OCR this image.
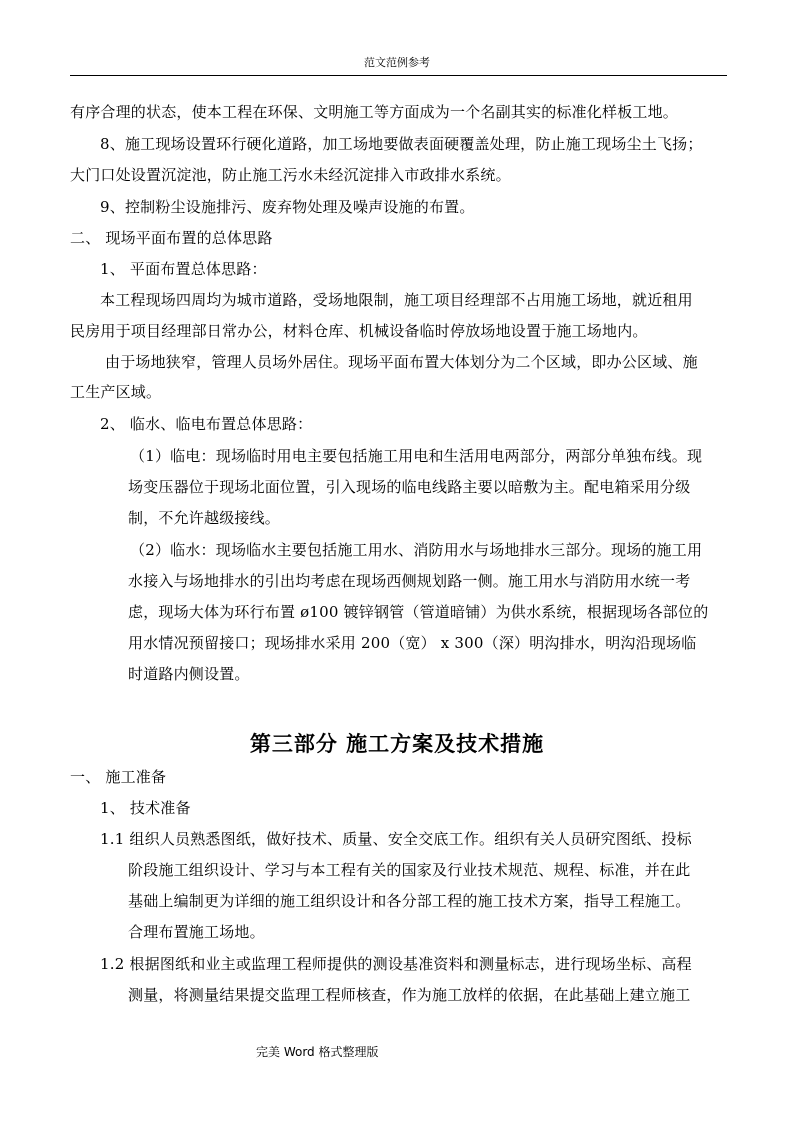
范文范例参考
有序合理的状态，使本工程在环保、文明施工等方面成为一个名副其实的标准化样板工地。
8、施工现场设置环行硬化道路，加工场地要做表面硬覆盖处理，防止施工现场尘土飞扬；
大门口处设置沉淀池，防止施工污水未经沉淀排入市政排水系统。
9、控制粉尘设施排污、废弃物处理及噪声设施的布置。
二、 现场平面布置的总体思路
1、 平面布置总体思路：
本工程现场四周均为城市道路，受场地限制，施工项目经理部不占用施工场地，就近租用
民房用于项目经理部日常办公，材料仓库、机械设备临时停放场地设置于施工场地内。
由于场地狭窄，管理人员场外居住。现场平面布置大体划分为二个区域，即办公区域、施
工生产区域。
2、 临水、临电布置总体思路：
（1）临电：现场临时用电主要包括施工用电和生活用电两部分，两部分单独布线。现
场变压器位于现场北面位置，引入现场的临电线路主要以暗敷为主。配电箱采用分级
制，不允许越级接线。
（2）临水：现场临水主要包括施工用水、消防用水与场地排水三部分。现场的施工用
水接入与场地排水的引出均考虑在现场西侧规划路一侧。施工用水与消防用水统一考
虑，现场大体为环行布置 ø100 镀锌钢管（管道暗铺）为供水系统，根据现场各部位的
用水情况预留接口；现场排水采用 200（宽） x 300（深）明沟排水，明沟沿现场临
时道路内侧设置。
第三部分 施工方案及技术措施
一、 施工准备
1、 技术准备
1.1 组织人员熟悉图纸，做好技术、质量、安全交底工作。组织有关人员研究图纸、投标
阶段施工组织设计、学习与本工程有关的国家及行业技术规范、规程、标准，并在此
基础上编制更为详细的施工组织设计和各分部工程的施工技术方案，指导工程施工。
合理布置施工场地。
1.2 根据图纸和业主或监理工程师提供的测设基准资料和测量标志，进行现场坐标、高程
测量，将测量结果提交监理工程师核查，作为施工放样的依据，在此基础上建立施工
完美 Word 格式整理版
